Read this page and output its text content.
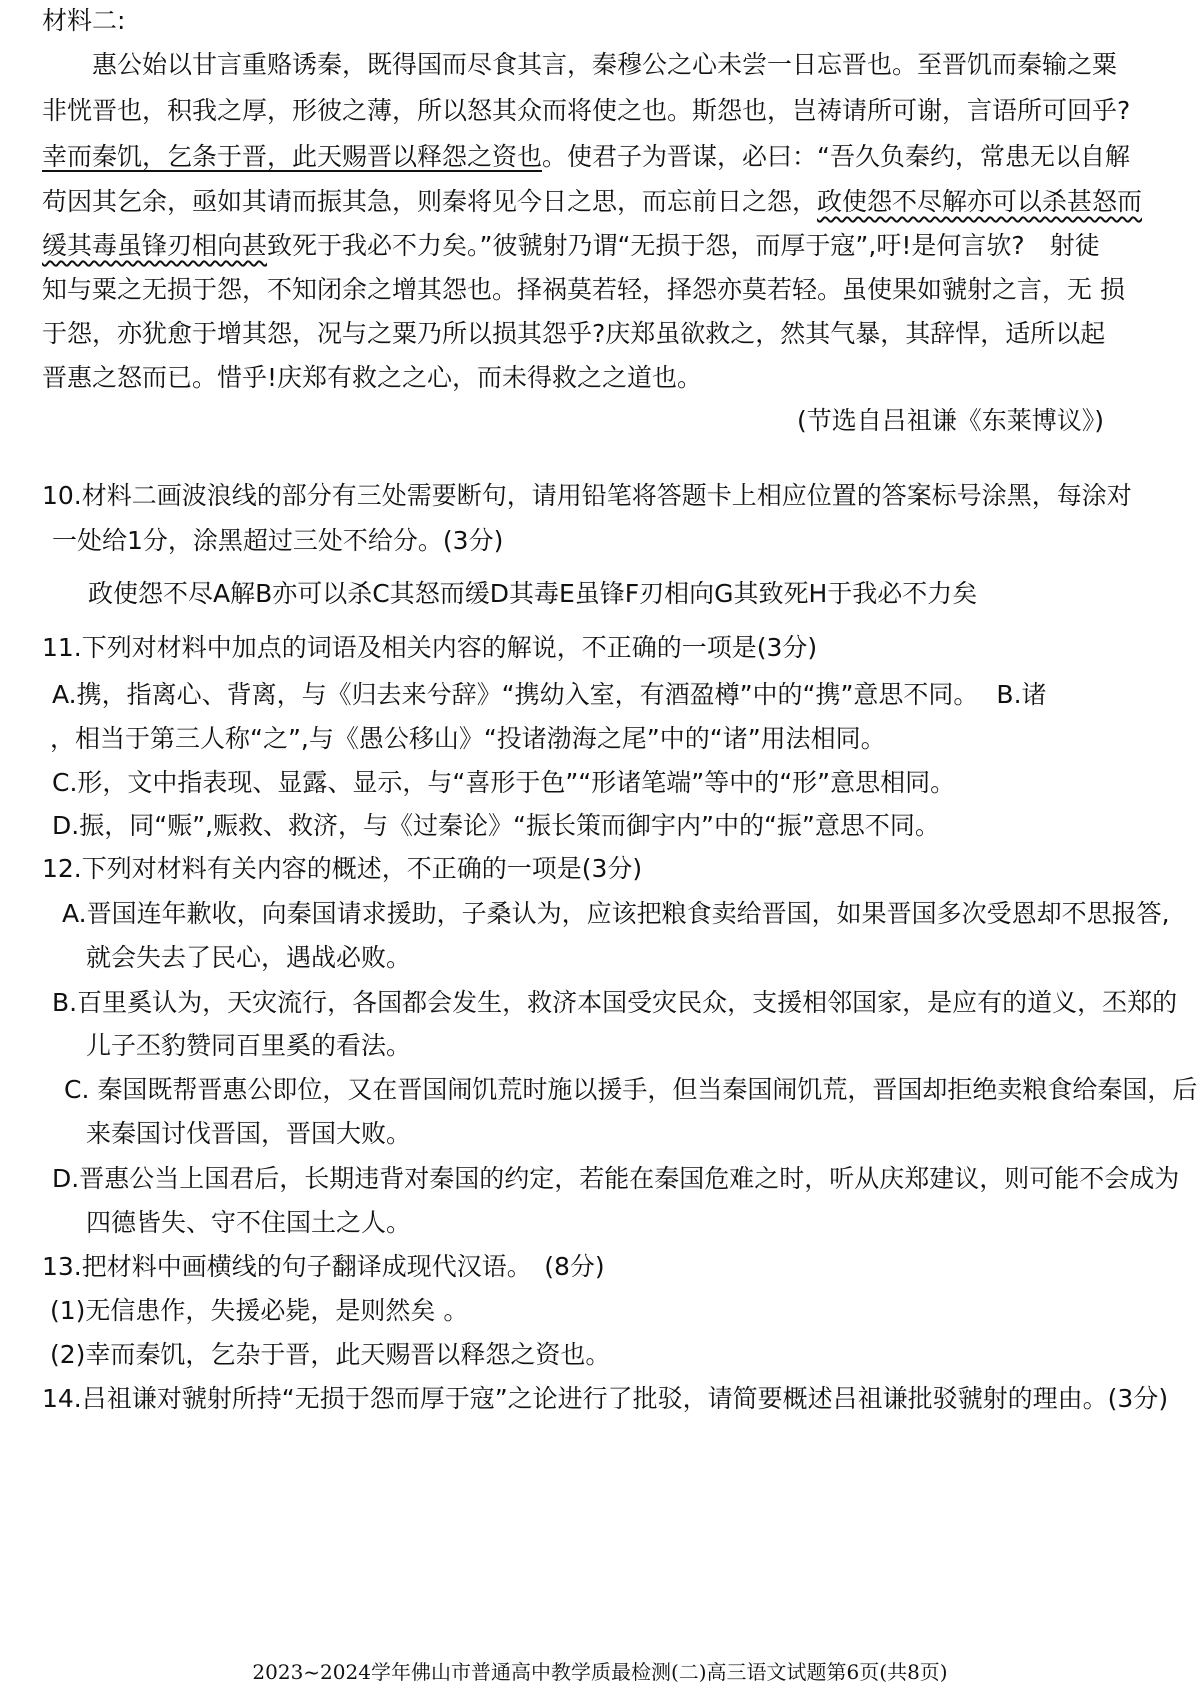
材料二:
惠公始以甘言重赂诱秦，既得国而尽食其言，秦穆公之心未尝一日忘晋也。至晋饥而秦输之粟
非恍晋也，积我之厚，形彼之薄，所以怒其众而将使之也。斯怨也，岂祷请所可谢，言语所可回乎?
幸而秦饥，乞条于晋，此天赐晋以释怨之资也。使君子为晋谋，必曰：“吾久负秦约，常患无以自解
苟因其乞余，亟如其请而振其急，则秦将见今日之思，而忘前日之怨，政使怨不尽解亦可以杀甚怒而
缓其毒虽锋刃相向甚致死于我必不力矣。”彼虢射乃谓“无损于怨，而厚于寇”,吁!是何言欤?　射徒
知与粟之无损于怨，不知闭余之增其怨也。择祸莫若轻，择怨亦莫若轻。虽使果如虢射之言，无 损
于怨，亦犹愈于增其怨，况与之粟乃所以损其怨乎?庆郑虽欲救之，然其气暴，其辞悍，适所以起
晋惠之怒而已。惜乎!庆郑有救之之心，而未得救之之道也。
(节选自吕祖谦《东莱博议》)
10.材料二画波浪线的部分有三处需要断句，请用铅笔将答题卡上相应位置的答案标号涂黑，每涂对
一处给1分，涂黑超过三处不给分。(3分)
政使怨不尽A解B亦可以杀C其怒而缓D其毒E虽锋F刃相向G其致死H于我必不力矣
11.下列对材料中加点的词语及相关内容的解说，不正确的一项是(3分)
A.携，指离心、背离，与《归去来兮辞》“携幼入室，有酒盈樽”中的“携”意思不同。 B.诸
，相当于第三人称“之”,与《愚公移山》“投诸渤海之尾”中的“诸”用法相同。
C.形，文中指表现、显露、显示，与“喜形于色”“形诸笔端”等中的“形”意思相同。
D.振，同“赈”,赈救、救济，与《过秦论》“振长策而御宇内”中的“振”意思不同。
12.下列对材料有关内容的概述，不正确的一项是(3分)
A.晋国连年歉收，向秦国请求援助，子桑认为，应该把粮食卖给晋国，如果晋国多次受恩却不思报答,
就会失去了民心，遇战必败。
B.百里奚认为，天灾流行，各国都会发生，救济本国受灾民众，支援相邻国家，是应有的道义，丕郑的
儿子丕豹赞同百里奚的看法。
C. 秦国既帮晋惠公即位，又在晋国闹饥荒时施以援手，但当秦国闹饥荒，晋国却拒绝卖粮食给秦国，后
来秦国讨伐晋国，晋国大败。
D.晋惠公当上国君后，长期违背对秦国的约定，若能在秦国危难之时，听从庆郑建议，则可能不会成为
四德皆失、守不住国土之人。
13.把材料中画横线的句子翻译成现代汉语。　(8分)
(1)无信患作，失援必毙，是则然矣 。
(2)幸而秦饥，乞杂于晋，此天赐晋以释怨之资也。
14.吕祖谦对虢射所持“无损于怨而厚于寇”之论进行了批驳，请简要概述吕祖谦批驳虢射的理由。(3分)
2023~2024学年佛山市普通高中教学质最检测(二)高三语文试题第6页(共8页)
